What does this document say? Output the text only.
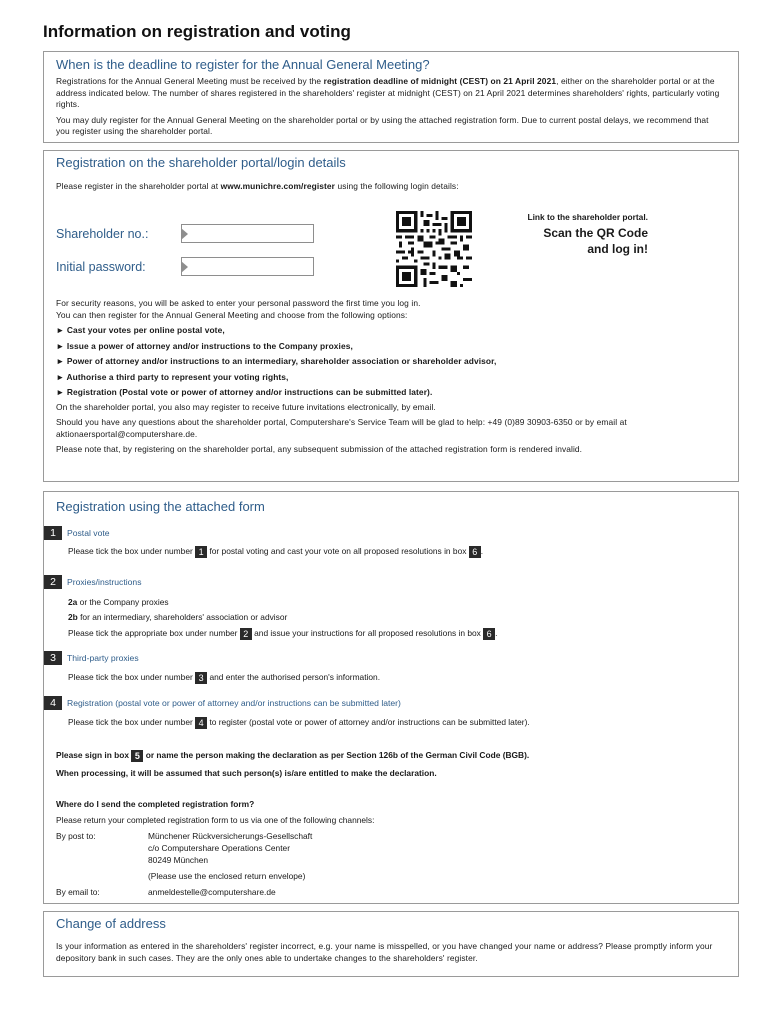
Information on registration and voting
When is the deadline to register for the Annual General Meeting?

Registrations for the Annual General Meeting must be received by the registration deadline of midnight (CEST) on 21 April 2021, either on the shareholder portal or at the address indicated below. The number of shares registered in the shareholders' register at midnight (CEST) on 21 April 2021 determines shareholders' rights, particularly voting rights.

You may duly register for the Annual General Meeting on the shareholder portal or by using the attached registration form. Due to current postal delays, we recommend that you register using the shareholder portal.

Registration on the shareholder portal/login details
Please register in the shareholder portal at www.munichre.com/register using the following login details:
Shareholder no.:
Initial password:
Link to the shareholder portal.
Scan the QR Code
and log in!

For security reasons, you will be asked to enter your personal password the first time you log in.

You can then register for the Annual General Meeting and choose from the following options:

► Cast your votes per online postal vote,
► Issue a power of attorney and/or instructions to the Company proxies,
► Power of attorney and/or instructions to an intermediary, shareholder association or shareholder advisor,
► Authorise a third party to represent your voting rights,
► Registration (Postal vote or power of attorney and/or instructions can be submitted later).

On the shareholder portal, you also may register to receive future invitations electronically, by email.

Should you have any questions about the shareholder portal, Computershare's Service Team will be glad to help: +49 (0)89 30903-6350 or by email at aktionaersportal@computershare.de.

Please note that, by registering on the shareholder portal, any subsequent submission of the attached registration form is rendered invalid.

Registration using the attached form
1	Postal vote
Please tick the box under number 1 for postal voting and cast your vote on all proposed resolutions in box 6 .
2	Proxies/instructions
2a or the Company proxies
2b for an intermediary, shareholders' association or advisor
Please tick the appropriate box under number 2 and issue your instructions for all proposed resolutions in box 6 .
3	Third-party proxies
Please tick the box under number 3 and enter the authorised person's information.
4	Registration (postal vote or power of attorney and/or instructions can be submitted later)
Please tick the box under number 4 to register (postal vote or power of attorney and/or instructions can be submitted later).
Please sign in box 5 or name the person making the declaration as per Section 126b of the German Civil Code (BGB).
When processing, it will be assumed that such person(s) is/are entitled to make the declaration.
Where do I send the completed registration form?
Please return your completed registration form to us via one of the following channels:
By post to:	Münchener Rückversicherungs-Gesellschaft
c/o Computershare Operations Center
80249 München
(Please use the enclosed return envelope)
By email to:	anmeldestelle@computershare.de
Change of address
Is your information as entered in the shareholders' register incorrect, e.g. your name is misspelled, or you have changed your name or address? Please promptly inform your depository bank in such cases. They are the only ones able to undertake changes to the shareholders' register.
